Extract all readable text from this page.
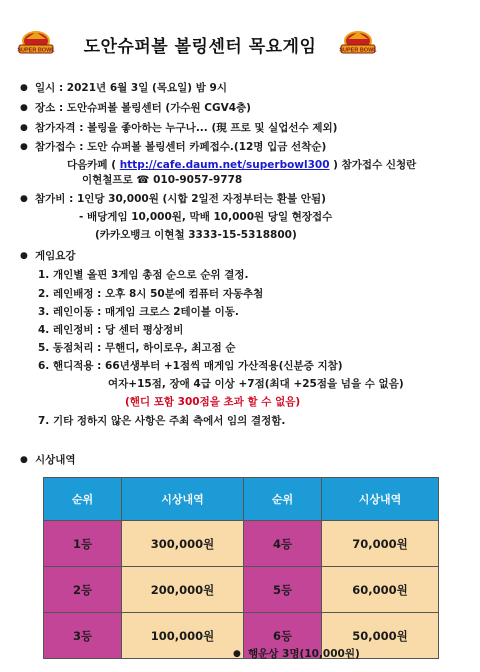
SUPER BOWL	도안슈퍼볼 볼링센터 목요게임	SUPER BOWL
● 일시 : 2021년 6월 3일 (목요일) 밤 9시
● 장소 : 도안슈퍼볼 볼링센터 (가수원 CGV4층)
● 참가자격 : 볼링을 좋아하는 누구나... (現 프로 및 실업선수 제외)
● 참가접수 : 도안 슈퍼볼 볼링센터 카페접수.(12명 입금 선착순)
다음카페 ( http://cafe.daum.net/superbowl300 ) 참가접수 신청란
이현철프로 ☎ 010-9057-9778
● 참가비 : 1인당 30,000원 (시합 2일전 자정부터는 환불 안됨)
- 배당게임 10,000원, 막배 10,000원 당일 현장접수
(카카오뱅크 이현철 3333-15-5318800)
● 게임요강
1. 개인별 올핀 3게임 총점 순으로 순위 결정.
2. 레인배정 : 오후 8시 50분에 컴퓨터 자동추첨
3. 레인이동 : 매게임 크로스 2테이블 이동.
4. 레인정비 : 당 센터 평상정비
5. 동점처리 : 무핸디, 하이로우, 최고점 순
6. 핸디적용 : 66년생부터 +1점씩 매게임 가산적용(신분증 지참)
여자+15점, 장애 4급 이상 +7점(최대 +25점을 넘을 수 없음)
(핸디 포함 300점을 초과 할 수 없음)
7. 기타 정하지 않은 사항은 주최 측에서 임의 결정함.
● 시상내역
순위	시상내역	순위	시상내역
1등	300,000원	4등	70,000원
2등	200,000원	5등	60,000원
3등	100,000원	6등	50,000원
● 행운상 3명(10,000원)
